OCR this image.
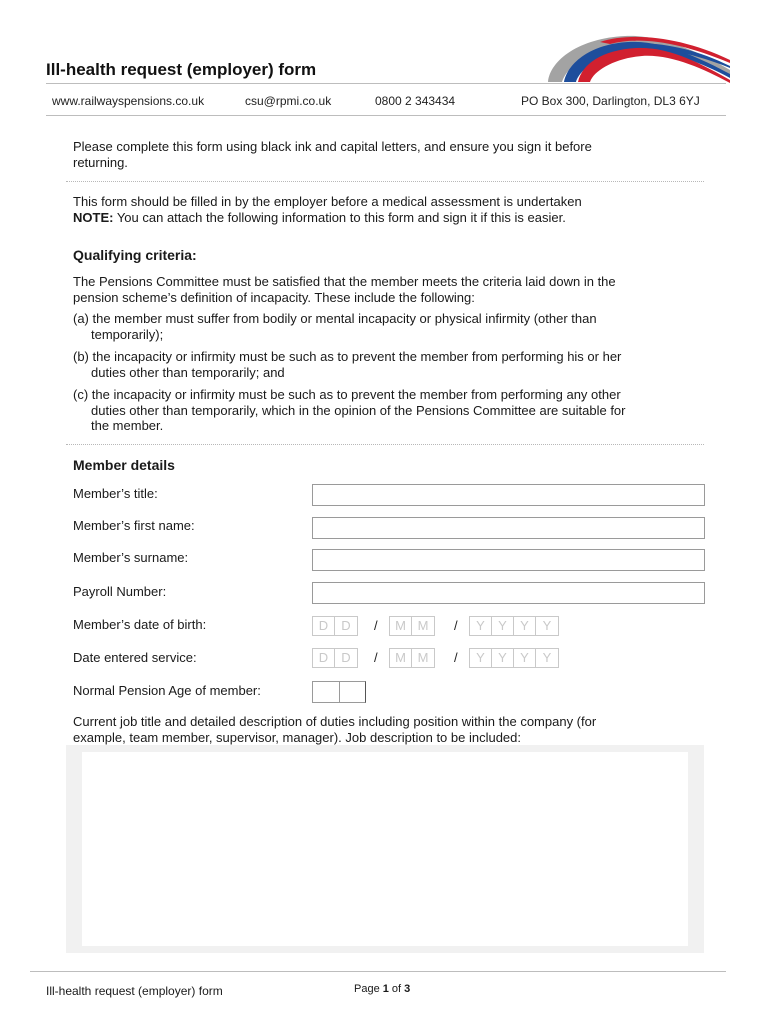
Ill-health request (employer) form
www.railwayspensions.co.uk	csu@rpmi.co.uk	0800 2 343434	PO Box 300, Darlington, DL3 6YJ
Please complete this form using black ink and capital letters, and ensure you sign it before
returning.
This form should be filled in by the employer before a medical assessment is undertaken
NOTE: You can attach the following information to this form and sign it if this is easier.
Qualifying criteria:
The Pensions Committee must be satisfied that the member meets the criteria laid down in the
pension scheme’s definition of incapacity. These include the following:
(a) the member must suffer from bodily or mental incapacity or physical infirmity (other than
temporarily);
(b) the incapacity or infirmity must be such as to prevent the member from performing his or her
duties other than temporarily; and
(c) the incapacity or infirmity must be such as to prevent the member from performing any other
duties other than temporarily, which in the opinion of the Pensions Committee are suitable for
the member.
Member details
Member’s title:
Member’s first name:
Member’s surname:
Payroll Number:
Member’s date of birth:	D	D	/	M M	/	Y	Y	Y	Y
Date entered service:	D	D	/	M M	/	Y	Y	Y	Y
Normal Pension Age of member:
Current job title and detailed description of duties including position within the company (for
example, team member, supervisor, manager). Job description to be included:
Ill-health request (employer) form	Page 1 of 3
